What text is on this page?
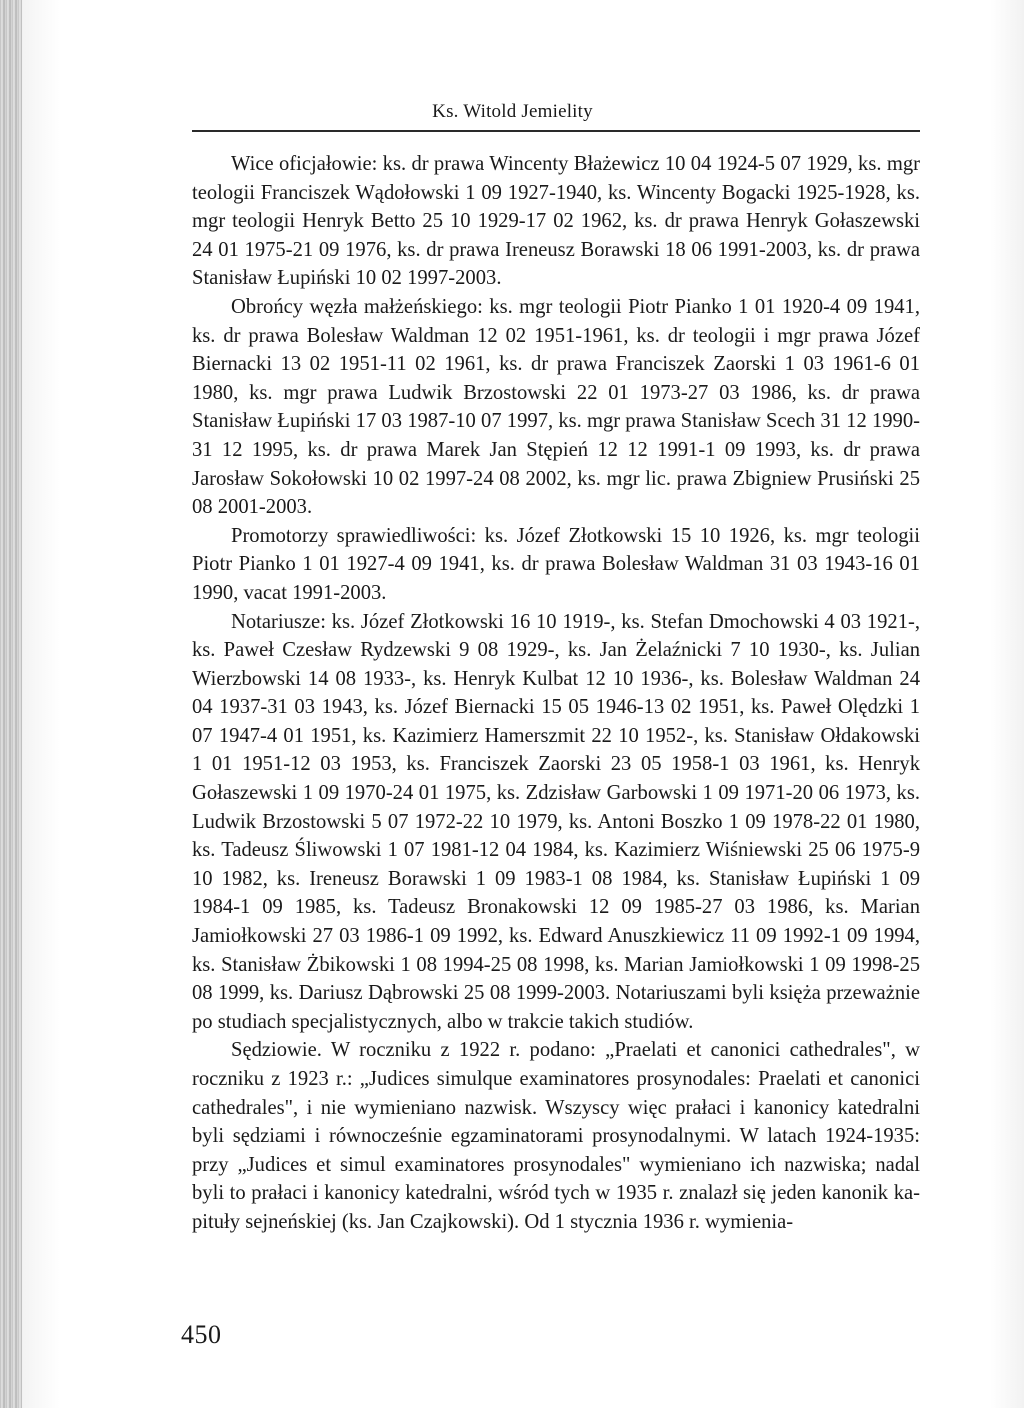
Ks. Witold Jemielity

Wice oficjałowie: ks. dr prawa Wincenty Błażewicz 10 04 1924-5 07 1929, ks. mgr teologii Franciszek Wądołowski 1 09 1927-1940, ks. Wincenty Bogacki 1925-1928, ks. mgr teologii Henryk Betto 25 10 1929-17 02 1962, ks. dr prawa Henryk Gołaszewski 24 01 1975-21 09 1976, ks. dr prawa Ireneusz Borawski 18 06 1991-2003, ks. dr prawa Stanisław Łupiński 10 02 1997-2003.

Obrońcy węzła małżeńskiego: ks. mgr teologii Piotr Pianko 1 01 1920-4 09 1941, ks. dr prawa Bolesław Waldman 12 02 1951-1961, ks. dr teologii i mgr prawa Józef Biernacki 13 02 1951-11 02 1961, ks. dr prawa Franciszek Zaorski 1 03 1961-6 01 1980, ks. mgr prawa Ludwik Brzostowski 22 01 1973-27 03 1986, ks. dr prawa Stanisław Łupiński 17 03 1987-10 07 1997, ks. mgr prawa Stanisław Scech 31 12 1990-31 12 1995, ks. dr prawa Marek Jan Stępień 12 12 1991-1 09 1993, ks. dr prawa Jarosław Sokołowski 10 02 1997-24 08 2002, ks. mgr lic. prawa Zbigniew Prusiński 25 08 2001-2003.

Promotorzy sprawiedliwości: ks. Józef Złotkowski 15 10 1926, ks. mgr teologii Piotr Pianko 1 01 1927-4 09 1941, ks. dr prawa Bolesław Waldman 31 03 1943-16 01 1990, vacat 1991-2003.

Notariusze: ks. Józef Złotkowski 16 10 1919-, ks. Stefan Dmochowski 4 03 1921-, ks. Paweł Czesław Rydzewski 9 08 1929-, ks. Jan Żelaźnicki 7 10 1930-, ks. Julian Wierzbowski 14 08 1933-, ks. Henryk Kulbat 12 10 1936-, ks. Bolesław Waldman 24 04 1937-31 03 1943, ks. Józef Biernacki 15 05 1946-13 02 1951, ks. Paweł Olędzki 1 07 1947-4 01 1951, ks. Kazimierz Hamerszmit 22 10 1952-, ks. Stanisław Ołdakowski 1 01 1951-12 03 1953, ks. Franciszek Zaorski 23 05 1958-1 03 1961, ks. Henryk Gołaszewski 1 09 1970-24 01 1975, ks. Zdzisław Garbowski 1 09 1971-20 06 1973, ks. Ludwik Brzostowski 5 07 1972-22 10 1979, ks. Antoni Boszko 1 09 1978-22 01 1980, ks. Tadeusz Śliwowski 1 07 1981-12 04 1984, ks. Kazimierz Wiśniewski 25 06 1975-9 10 1982, ks. Ireneusz Borawski 1 09 1983-1 08 1984, ks. Stanisław Łupiński 1 09 1984-1 09 1985, ks. Tadeusz Bronakowski 12 09 1985-27 03 1986, ks. Marian Jamiołkowski 27 03 1986-1 09 1992, ks. Edward Anuszkiewicz 11 09 1992-1 09 1994, ks. Stanisław Żbikowski 1 08 1994-25 08 1998, ks. Marian Jamiołkowski 1 09 1998-25 08 1999, ks. Dariusz Dąbrowski 25 08 1999-2003. Notariuszami byli księża przeważnie po studiach specjalistycznych, albo w trakcie takich studiów.

Sędziowie. W roczniku z 1922 r. podano: „Praelati et canonici cathedrales", w roczniku z 1923 r.: „Judices simulque examinatores prosynodales: Praelati et canonici cathedrales", i nie wymieniano nazwisk. Wszyscy więc prałaci i kanonicy katedralni byli sędziami i równocześnie egzaminatorami prosynodalnymi. W latach 1924-1935: przy „Judices et simul examinatores prosynodales" wymieniano ich nazwiska; nadal byli to prałaci i kanonicy katedralni, wśród tych w 1935 r. znalazł się jeden kanonik kapituły sejneńskiej (ks. Jan Czajkowski). Od 1 stycznia 1936 r. wymienia-

450
